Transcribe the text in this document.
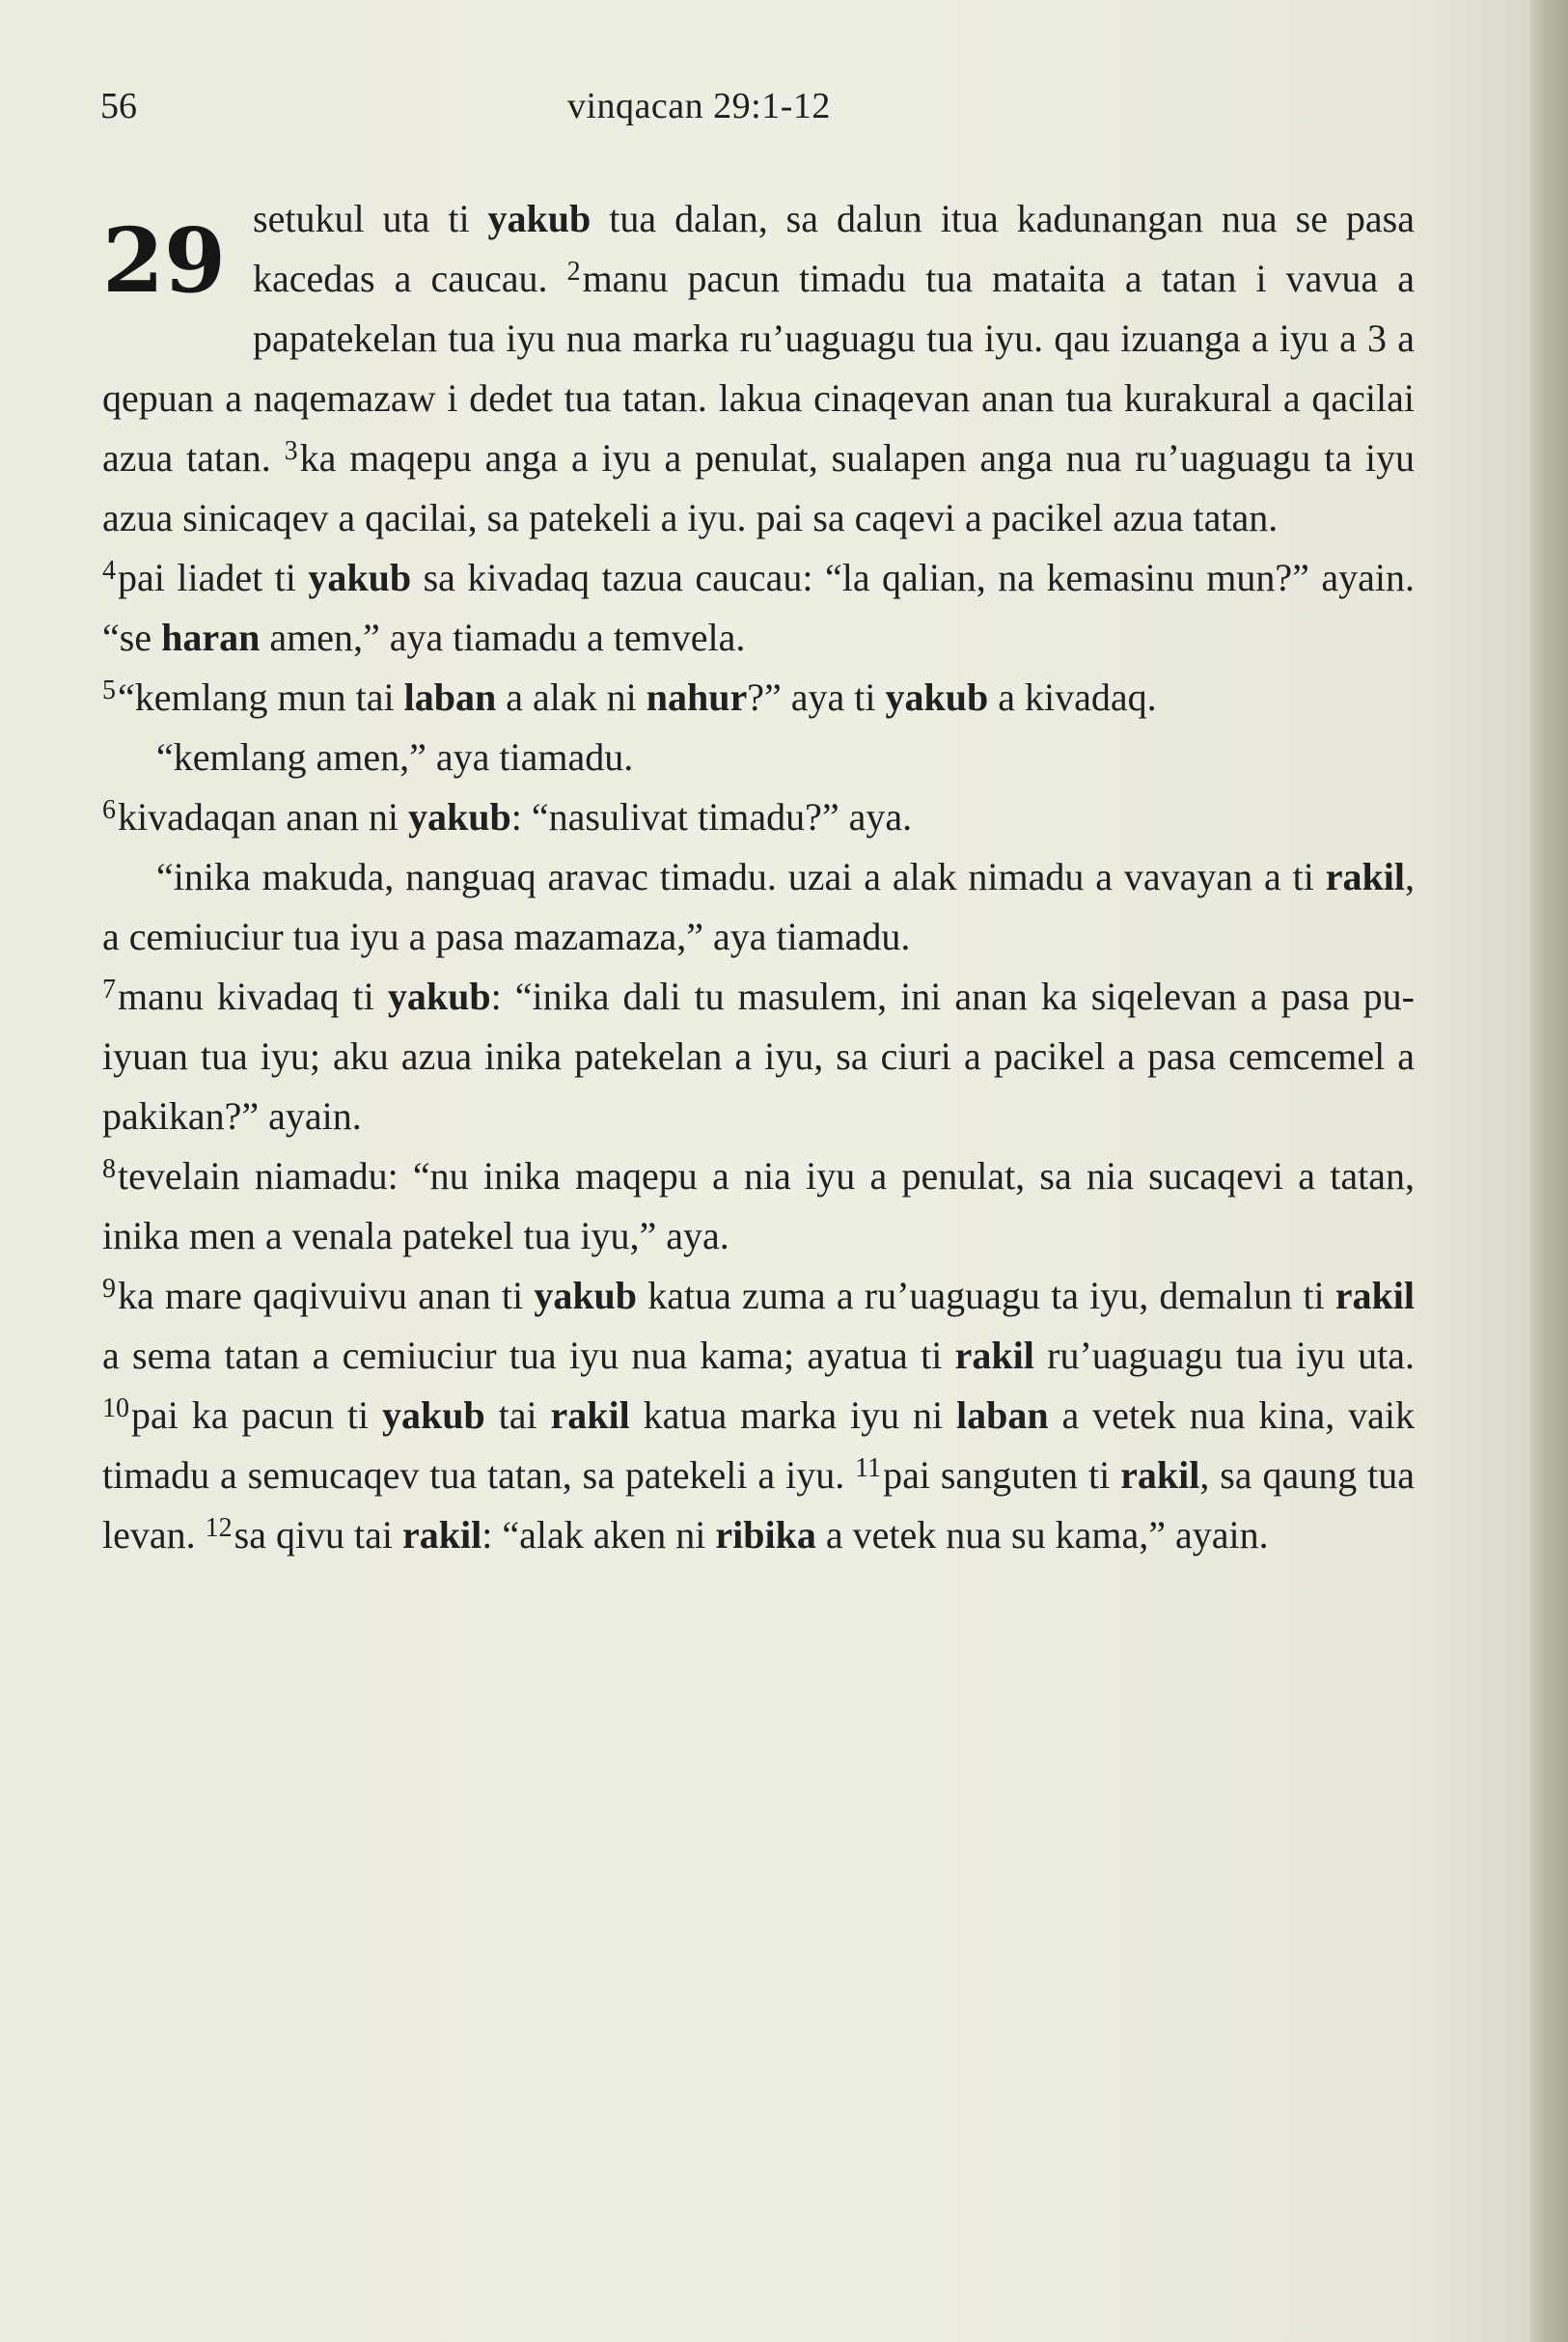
56	vinqacan 29:1-12

29 setukul uta ti yakub tua dalan, sa dalun itua kadunangan nua se pasa kacedas a caucau. $^2$manu pacun timadu tua mataita a tatan i vavua a papatekelan tua iyu nua marka ru’uaguagu tua iyu. qau izuanga a iyu a 3 a qepuan a naqemazaw i dedet tua tatan. lakua cinaqevan anan tua kurakural a qacilai azua tatan. $^3$ka maqepu anga a iyu a penulat, sualapen anga nua ru’uaguagu ta iyu azua sinicaqev a qacilai, sa patekeli a iyu. pai sa caqevi a pacikel azua tatan.

$^4$pai liadet ti yakub sa kivadaq tazua caucau: “la qalian, na kemasinu mun?” ayain. “se haran amen,” aya tiamadu a temvela.

$^5$“kemlang mun tai laban a alak ni nahur?” aya ti yakub a kivadaq.

“kemlang amen,” aya tiamadu.

$^6$kivadaqan anan ni yakub: “nasulivat timadu?” aya.

“inika makuda, nanguaq aravac timadu. uzai a alak nimadu a vavayan a ti rakil, a cemiuciur tua iyu a pasa mazamaza,” aya tiamadu.

$^7$manu kivadaq ti yakub: “inika dali tu masulem, ini anan ka siqelevan a pasa pu-iyuan tua iyu; aku azua inika patekelan a iyu, sa ciuri a pacikel a pasa cemcemel a pakikan?” ayain.

$^8$tevelain niamadu: “nu inika maqepu a nia iyu a penulat, sa nia sucaqevi a tatan, inika men a venala patekel tua iyu,” aya.

$^9$ka mare qaqivuivu anan ti yakub katua zuma a ru’uaguagu ta iyu, demalun ti rakil a sema tatan a cemiuciur tua iyu nua kama; ayatua ti rakil ru’uaguagu tua iyu uta. $^{10}$pai ka pacun ti yakub tai rakil katua marka iyu ni laban a vetek nua kina, vaik timadu a semucaqev tua tatan, sa patekeli a iyu. $^{11}$pai sanguten ti rakil, sa qaung tua levan. $^{12}$sa qivu tai rakil: “alak aken ni ribika a vetek nua su kama,” ayain.
